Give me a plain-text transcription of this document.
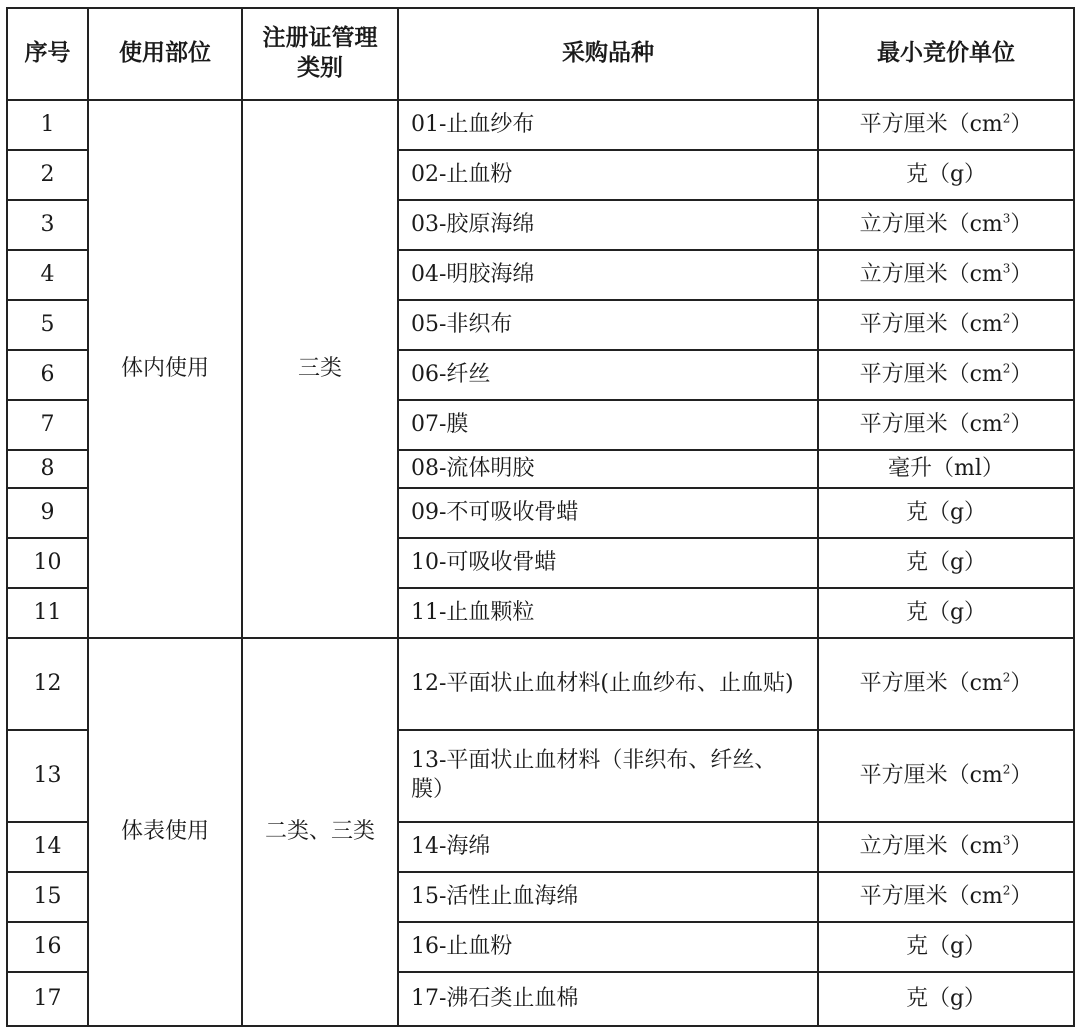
序号	使用部位	注册证管理类别	采购品种	最小竞价单位
1	体内使用	三类	01-止血纱布	平方厘米$(cm^2)$
2			02-止血粉	克（g）
3			03-胶原海绵	立方厘米$(cm^3)$
4			04-明胶海绵	立方厘米$(cm^3)$
5			05-非织布	平方厘米$(cm^2)$
6			06-纤丝	平方厘米$(cm^2)$
7			07-膜	平方厘米$(cm^2)$
8			08-流体明胶	毫升（ml）
9			09-不可吸收骨蜡	克（g）
10			10-可吸收骨蜡	克（g）
11			11-止血颗粒	克（g）
12	体表使用	二类、三类	12-平面状止血材料(止血纱布、止血贴)	平方厘米$(cm^2)$
13			13-平面状止血材料（非织布、纤丝、膜）	平方厘米$(cm^2)$
14			14-海绵	立方厘米$(cm^3)$
15			15-活性止血海绵	平方厘米$(cm^2)$
16			16-止血粉	克（g）
17			17-沸石类止血棉	克（g）
